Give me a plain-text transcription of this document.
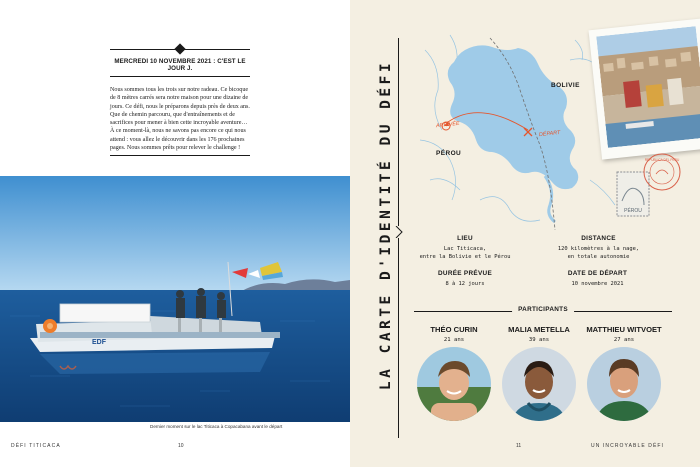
MERCREDI 10 NOVEMBRE 2021 : C'EST LE JOUR J.

Nous sommes tous les trois sur notre radeau. Ce bicoque de 8 mètres carrés sera notre maison pour une dizaine de jours. Ce défi, nous le préparons depuis près de deux ans. Que de chemin parcouru, que d'entraînements et de sacrifices pour mener à bien cette incroyable aventure… À ce moment-là, nous ne savons pas encore ce qui nous attend : vous allez le découvrir dans les 176 prochaines pages. Nous sommes prêts pour relever le challenge !

EDF
Dernier moment sur le lac Titicaca à Copacabana avant le départ
DÉFI TITICACA	10
LA CARTE D'IDENTITÉ DU DÉFI	BOLIVIE
PÉROU
ARRIVÉE
DÉPART
PÉROU
REPUBLICA DEL PERU
LIEU
Lac Titicaca,
entre la Bolivie et le Pérou
DISTANCE
120 kilomètres à la nage,
en totale autonomie
DURÉE PRÉVUE
8 à 12 jours
DATE DE DÉPART
10 novembre 2021
PARTICIPANTS
THÉO CURIN
21 ans
MALIA METELLA
39 ans
MATTHIEU WITVOET
27 ans
11	UN INCROYABLE DÉFI
